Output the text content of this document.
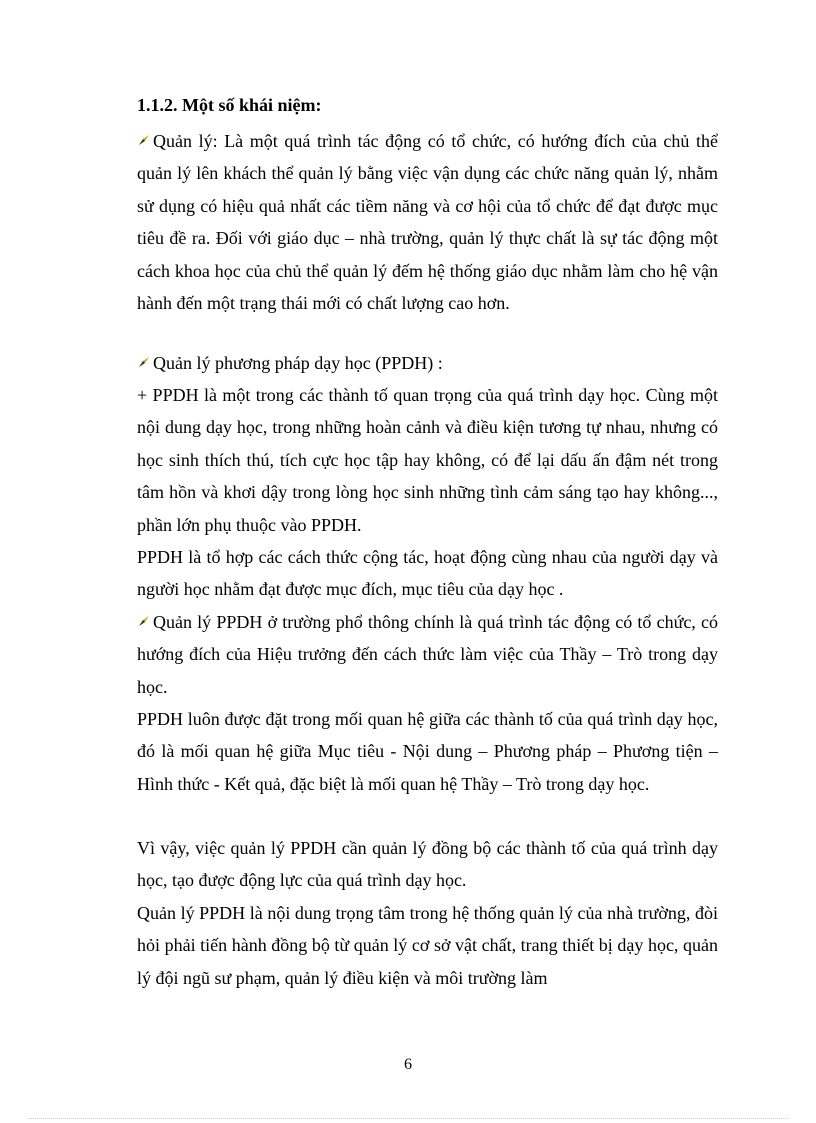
1.1.2. Một số khái niệm:
Quản lý: Là một quá trình tác động có tổ chức, có hướng đích của chủ thể quản lý lên khách thể quản lý bằng việc vận dụng các chức năng quản lý, nhằm sử dụng có hiệu quả nhất các tiềm năng và cơ hội của tổ chức để đạt được mục tiêu đề ra. Đối với giáo dục – nhà trường, quản lý thực chất là sự tác động một cách khoa học của chủ thể quản lý đếm hệ thống giáo dục nhằm làm cho hệ vận hành đến một trạng thái mới có chất lượng cao hơn.
Quản lý phương pháp dạy học (PPDH) :
+ PPDH là một trong các thành tố quan trọng của quá trình dạy học. Cùng một nội dung dạy học, trong những hoàn cảnh và điều kiện tương tự nhau, nhưng có học sinh thích thú, tích cực học tập hay không, có để lại dấu ấn đậm nét trong tâm hồn và khơi dậy trong lòng học sinh những tình cảm sáng tạo hay không..., phần lớn phụ thuộc vào PPDH.
PPDH là tổ hợp các cách thức cộng tác, hoạt động cùng nhau của người dạy và người học nhằm đạt được mục đích, mục tiêu của dạy học .
Quản lý PPDH ở trường phổ thông chính là quá trình tác động có tổ chức, có hướng đích của Hiệu trưởng đến cách thức làm việc của Thầy – Trò trong dạy học.
PPDH luôn được đặt trong mối quan hệ giữa các thành tố của quá trình dạy học, đó là mối quan hệ giữa Mục tiêu - Nội dung – Phương pháp – Phương tiện – Hình thức - Kết quả, đặc biệt là mối quan hệ Thầy – Trò trong dạy học.
Vì vậy, việc quản lý PPDH cần quản lý đồng bộ các thành tố của quá trình dạy học, tạo được động lực của quá trình dạy học.
Quản lý PPDH là nội dung trọng tâm trong hệ thống quản lý của nhà trường, đòi hỏi phải tiến hành đồng bộ từ quản lý cơ sở vật chất, trang thiết bị dạy học, quản lý đội ngũ sư phạm, quản lý điều kiện và môi trường làm
6
